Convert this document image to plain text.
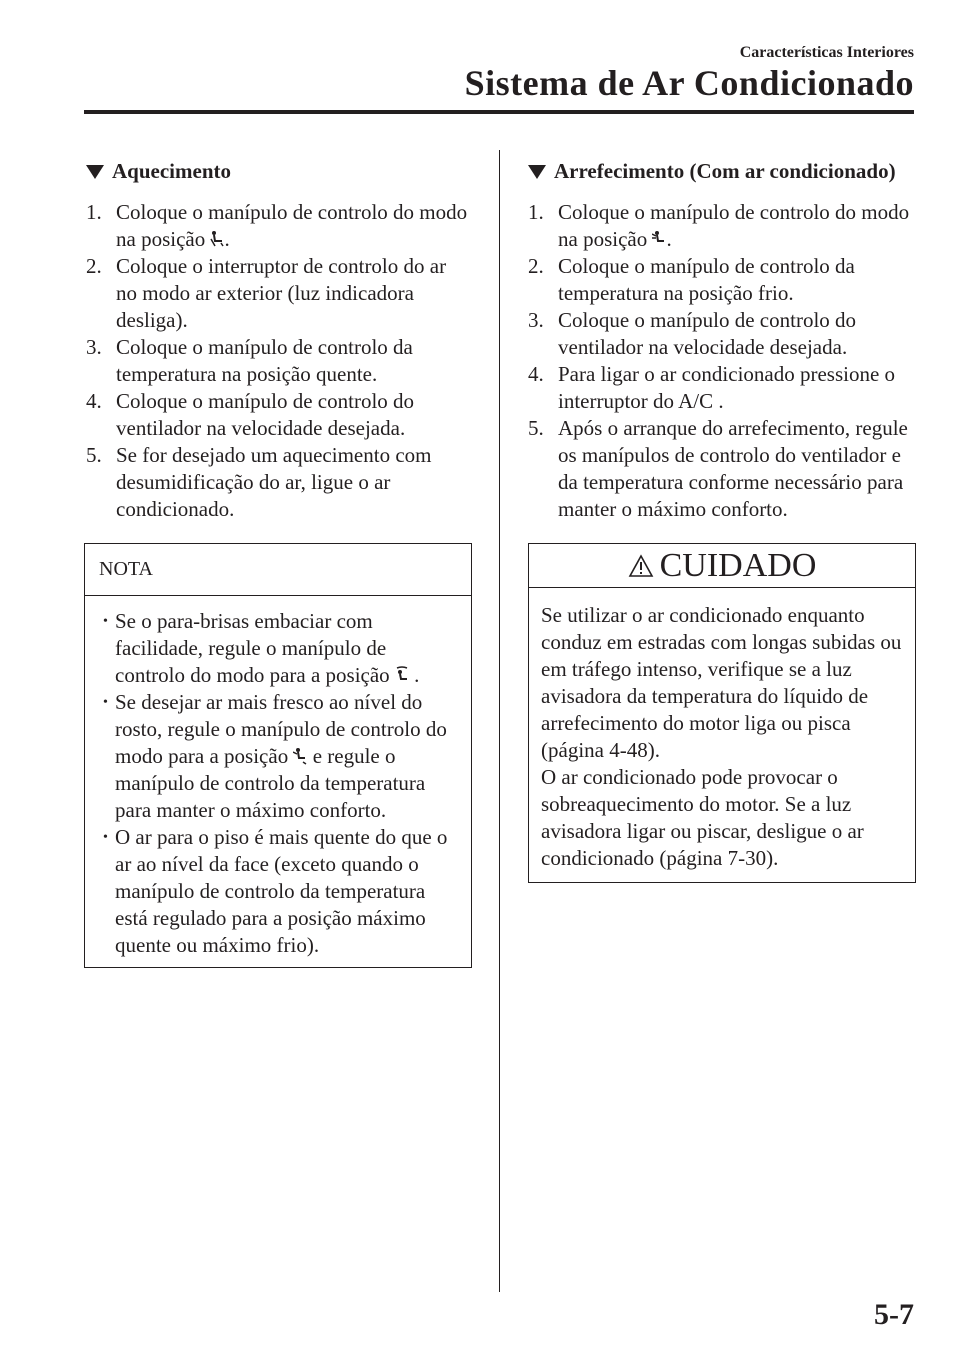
Características Interiores
Sistema de Ar Condicionado
Aquecimento
1. Coloque o manípulo de controlo do modo na posição .
2. Coloque o interruptor de controlo do ar no modo ar exterior (luz indicadora desliga).
3. Coloque o manípulo de controlo da temperatura na posição quente.
4. Coloque o manípulo de controlo do ventilador na velocidade desejada.
5. Se for desejado um aquecimento com desumidificação do ar, ligue o ar condicionado.
NOTA
• Se o para-brisas embaciar com facilidade, regule o manípulo de controlo do modo para a posição  .
• Se desejar ar mais fresco ao nível do rosto, regule o manípulo de controlo do modo para a posição  e regule o manípulo de controlo da temperatura para manter o máximo conforto.
• O ar para o piso é mais quente do que o ar ao nível da face (exceto quando o manípulo de controlo da temperatura está regulado para a posição máximo quente ou máximo frio).
Arrefecimento (Com ar condicionado)
1. Coloque o manípulo de controlo do modo na posição .
2. Coloque o manípulo de controlo da temperatura na posição frio.
3. Coloque o manípulo de controlo do ventilador na velocidade desejada.
4. Para ligar o ar condicionado pressione o interruptor do A/C .
5. Após o arranque do arrefecimento, regule os manípulos de controlo do ventilador e da temperatura conforme necessário para manter o máximo conforto.
CUIDADO
Se utilizar o ar condicionado enquanto conduz em estradas com longas subidas ou em tráfego intenso, verifique se a luz avisadora da temperatura do líquido de arrefecimento do motor liga ou pisca (página 4-48).
O ar condicionado pode provocar o sobreaquecimento do motor. Se a luz avisadora ligar ou piscar, desligue o ar condicionado (página 7-30).
5-7
